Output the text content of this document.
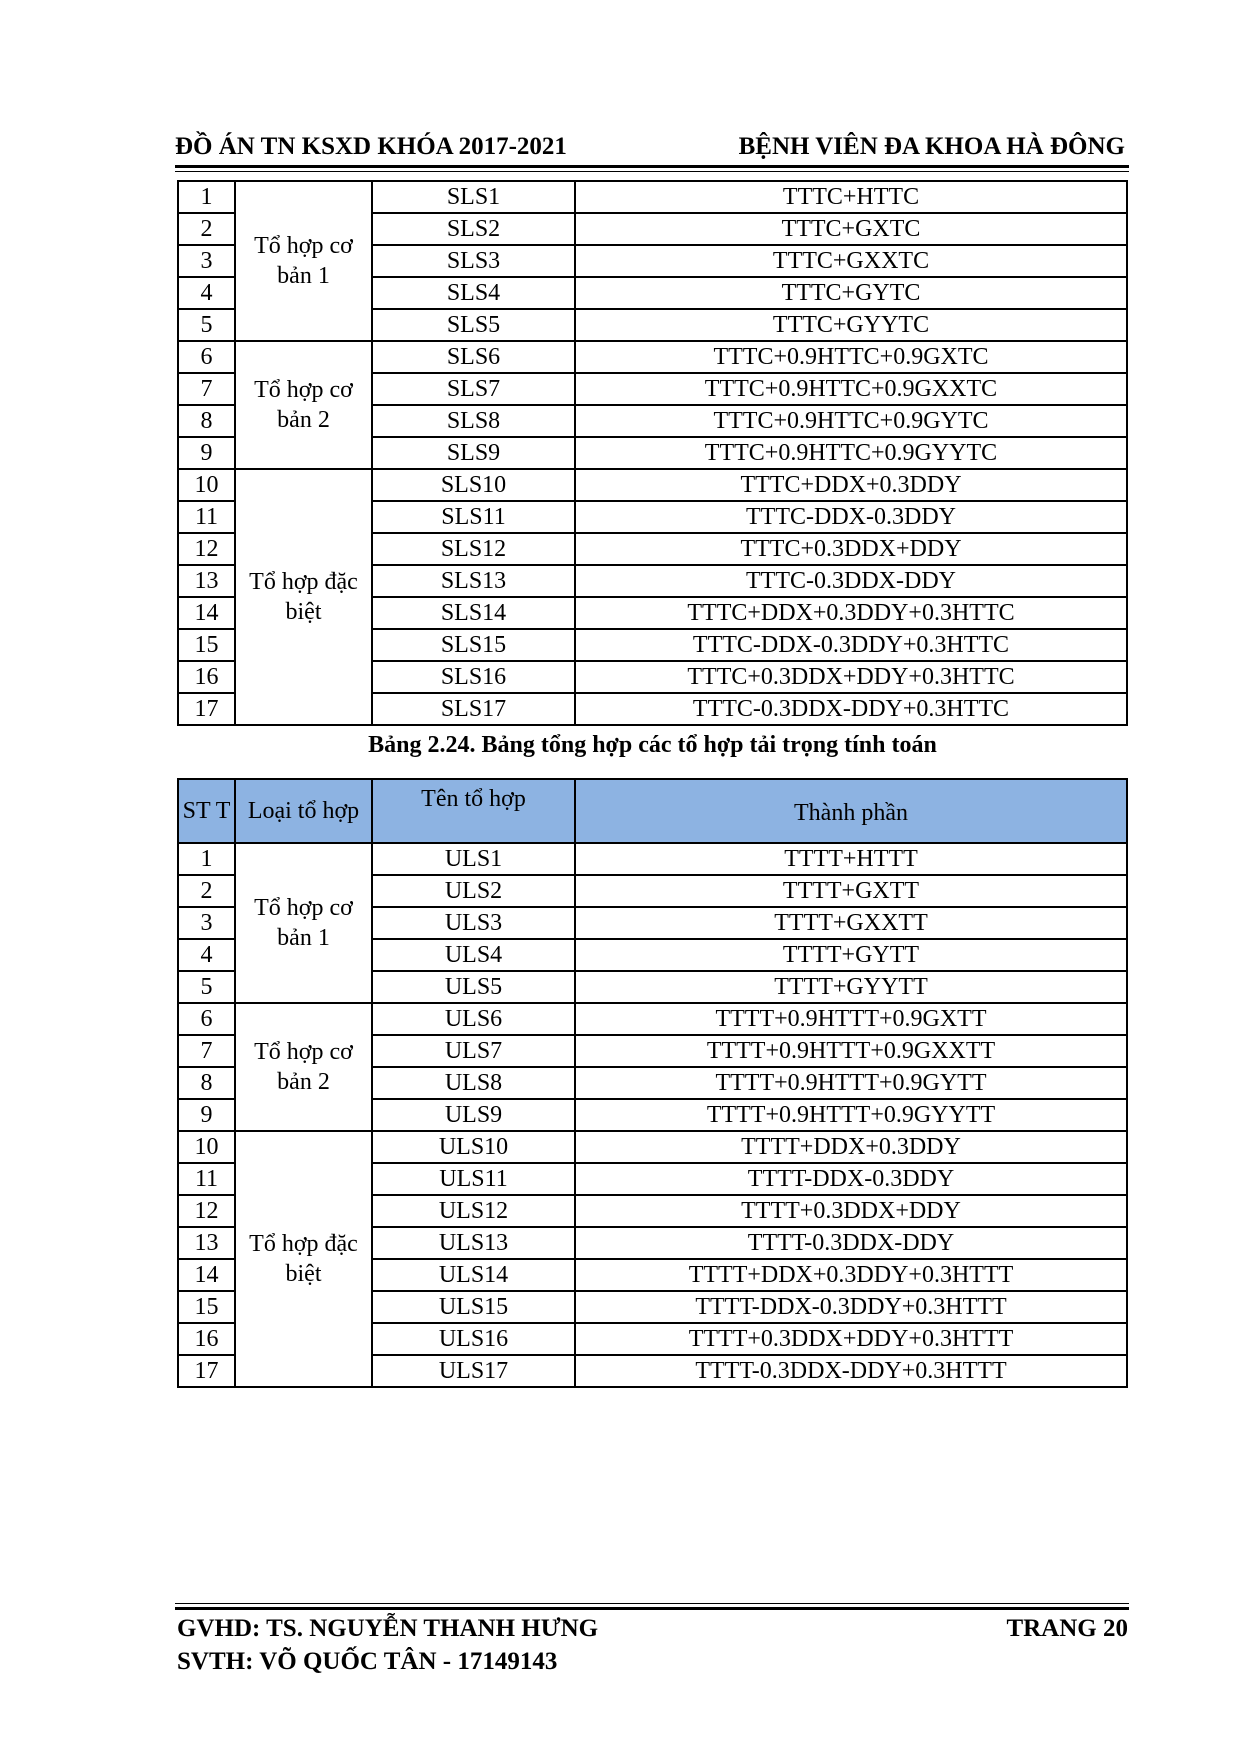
ĐỒ ÁN TN KSXD KHÓA 2017-2021	BỆNH VIÊN ĐA KHOA HÀ ĐÔNG
1	Tổ hợp cơ bản 1	SLS1	TTTC+HTTC
2		SLS2	TTTC+GXTC
3		SLS3	TTTC+GXXTC
4		SLS4	TTTC+GYTC
5		SLS5	TTTC+GYYTC
6	Tổ hợp cơ bản 2	SLS6	TTTC+0.9HTTC+0.9GXTC
7		SLS7	TTTC+0.9HTTC+0.9GXXTC
8		SLS8	TTTC+0.9HTTC+0.9GYTC
9		SLS9	TTTC+0.9HTTC+0.9GYYTC
10	Tổ hợp đặc biệt	SLS10	TTTC+DDX+0.3DDY
11		SLS11	TTTC-DDX-0.3DDY
12		SLS12	TTTC+0.3DDX+DDY
13		SLS13	TTTC-0.3DDX-DDY
14		SLS14	TTTC+DDX+0.3DDY+0.3HTTC
15		SLS15	TTTC-DDX-0.3DDY+0.3HTTC
16		SLS16	TTTC+0.3DDX+DDY+0.3HTTC
17		SLS17	TTTC-0.3DDX-DDY+0.3HTTC
Bảng 2.24. Bảng tổng hợp các tổ hợp tải trọng tính toán
ST T	Loại tổ hợp	Tên tổ hợp	Thành phần
1	Tổ hợp cơ bản 1	ULS1	TTTT+HTTT
2		ULS2	TTTT+GXTT
3		ULS3	TTTT+GXXTT
4		ULS4	TTTT+GYTT
5		ULS5	TTTT+GYYTT
6	Tổ hợp cơ bản 2	ULS6	TTTT+0.9HTTT+0.9GXTT
7		ULS7	TTTT+0.9HTTT+0.9GXXTT
8		ULS8	TTTT+0.9HTTT+0.9GYTT
9		ULS9	TTTT+0.9HTTT+0.9GYYTT
10	Tổ hợp đặc biệt	ULS10	TTTT+DDX+0.3DDY
11		ULS11	TTTT-DDX-0.3DDY
12		ULS12	TTTT+0.3DDX+DDY
13		ULS13	TTTT-0.3DDX-DDY
14		ULS14	TTTT+DDX+0.3DDY+0.3HTTT
15		ULS15	TTTT-DDX-0.3DDY+0.3HTTT
16		ULS16	TTTT+0.3DDX+DDY+0.3HTTT
17		ULS17	TTTT-0.3DDX-DDY+0.3HTTT
GVHD: TS. NGUYỄN THANH HƯNG	TRANG 20
SVTH: VÕ QUỐC TÂN - 17149143
